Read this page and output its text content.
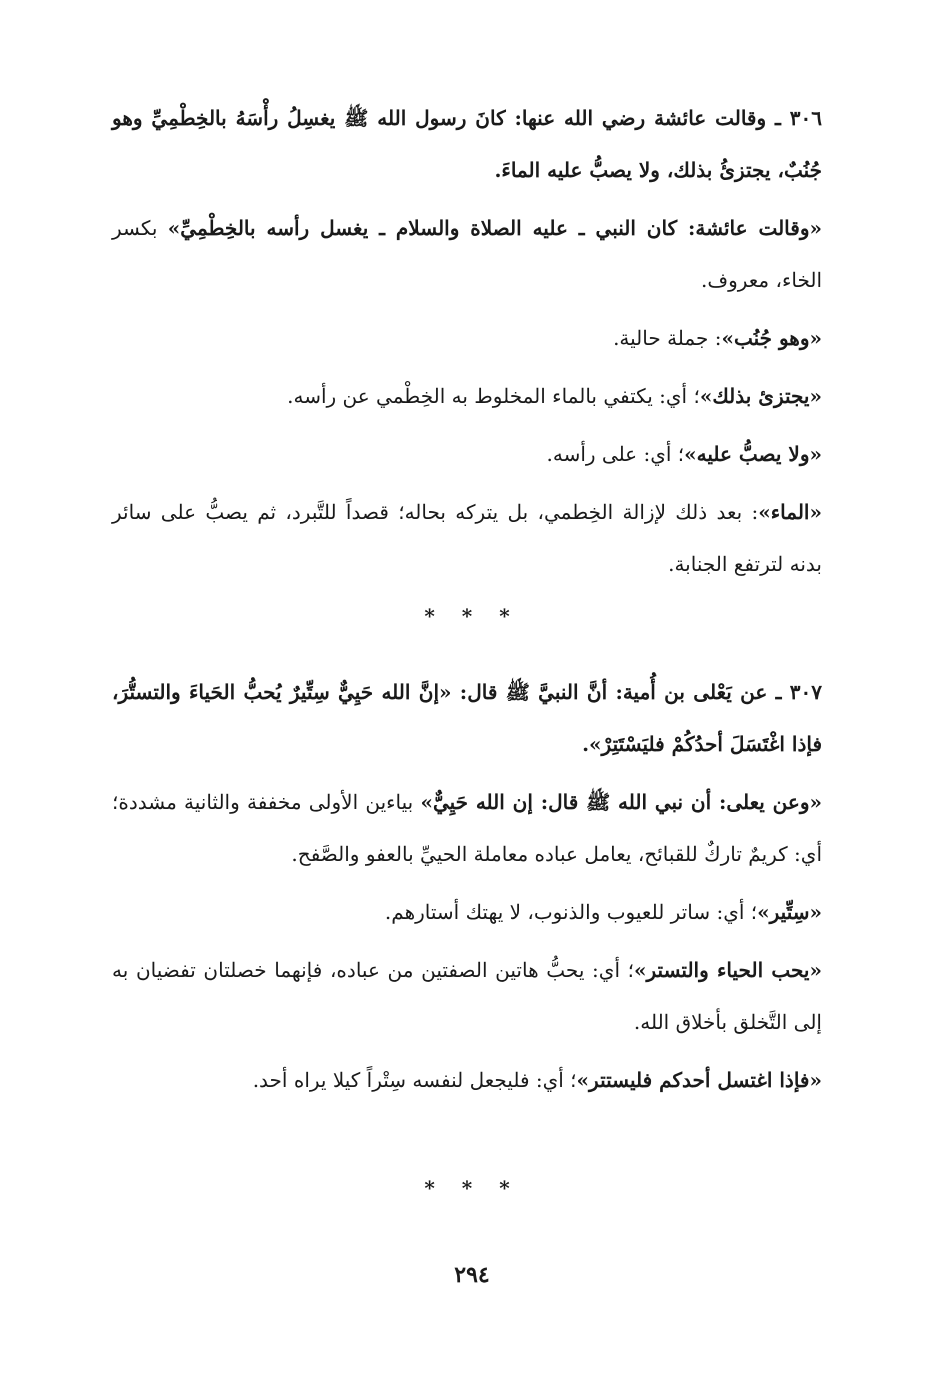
٣٠٦ ـ وقالت عائشة رضي الله عنها: كانَ رسول الله ﷺ يغسِلُ رأْسَهُ بالخِطْمِيِّ وهو جُنُبٌ، يجتزئُ بذلك، ولا يصبُّ عليه الماءَ.

«وقالت عائشة: كان النبي ـ عليه الصلاة والسلام ـ يغسل رأسه بالخِطْمِيِّ» بكسر الخاء، معروف.

«وهو جُنُب»: جملة حالية.

«يجتزئ بذلك»؛ أي: يكتفي بالماء المخلوط به الخِطْمي عن رأسه.

«ولا يصبُّ عليه»؛ أي: على رأسه.

«الماء»: بعد ذلك لإزالة الخِطمي، بل يتركه بحاله؛ قصداً للتَّبرد، ثم يصبُّ على سائر بدنه لترتفع الجنابة.

* * *

٣٠٧ ـ عن يَعْلى بن أُمية: أنَّ النبيَّ ﷺ قال: «إنَّ الله حَيِيٌّ سِتِّيرٌ يُحبُّ الحَياءَ والتستُّرَ، فإذا اغْتَسَلَ أحدُكُمْ فليَسْتَتِرْ».

«وعن يعلى: أن نبي الله ﷺ قال: إن الله حَيِيٌّ» بياءين الأولى مخففة والثانية مشددة؛ أي: كريمٌ تاركٌ للقبائح، يعامل عباده معاملة الحييِّ بالعفو والصَّفح.

«سِتِّير»؛ أي: ساتر للعيوب والذنوب، لا يهتك أستارهم.

«يحب الحياء والتستر»؛ أي: يحبُّ هاتين الصفتين من عباده، فإنهما خصلتان تفضيان به إلى التَّخلق بأخلاق الله.

«فإذا اغتسل أحدكم فليستتر»؛ أي: فليجعل لنفسه سِتْراً كيلا يراه أحد.

* * *
٢٩٤
